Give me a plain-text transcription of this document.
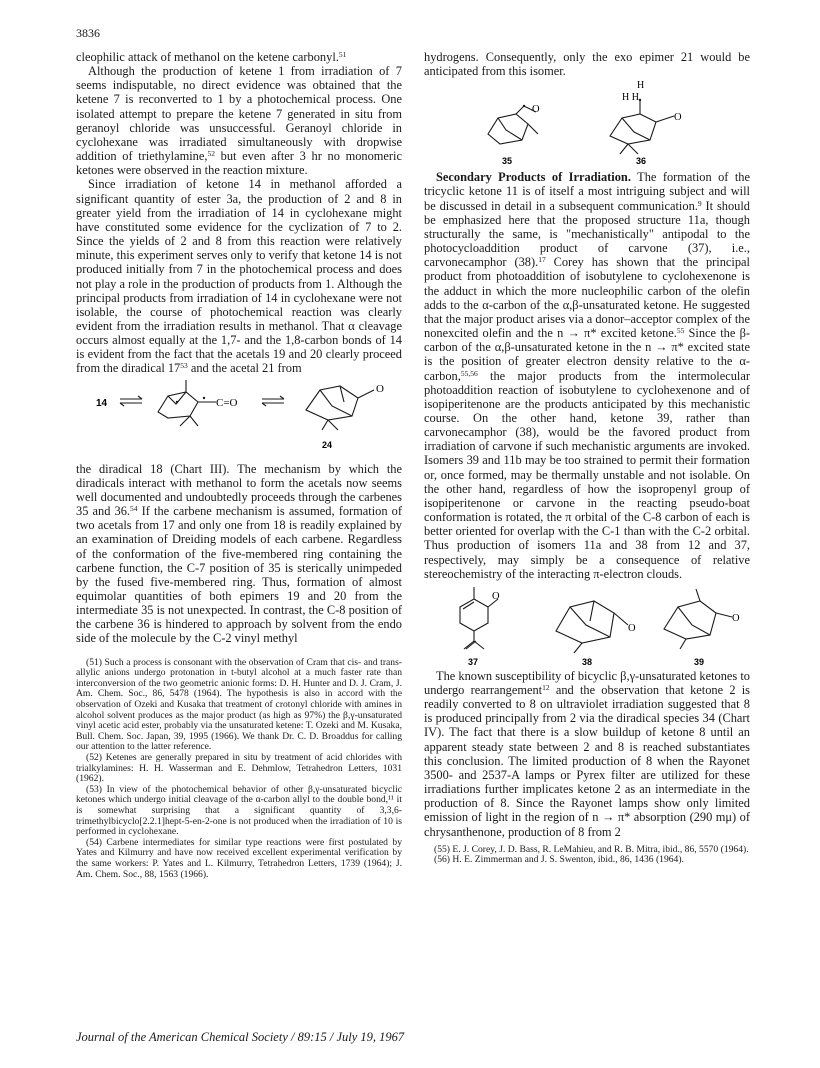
3836

cleophilic attack of methanol on the ketene carbonyl.$^{51}$

Although the production of ketene 1 from irradiation of 7 seems indisputable, no direct evidence was obtained that the ketene 7 is reconverted to 1 by a photochemical process. One isolated attempt to prepare the ketene 7 generated in situ from geranoyl chloride was unsuccessful. Geranoyl chloride in cyclohexane was irradiated simultaneously with dropwise addition of triethylamine,$^{52}$ but even after 3 hr no monomeric ketones were observed in the reaction mixture.

Since irradiation of ketone 14 in methanol afforded a significant quantity of ester 3a, the production of 2 and 8 in greater yield from the irradiation of 14 in cyclohexane might have constituted some evidence for the cyclization of 7 to 2. Since the yields of 2 and 8 from this reaction were relatively minute, this experiment serves only to verify that ketone 14 is not produced initially from 7 in the photochemical process and does not play a role in the production of products from 1. Although the principal products from irradiation of 14 in cyclohexane were not isolable, the course of photochemical reaction was clearly evident from the irradiation results in methanol. That α cleavage occurs almost equally at the 1,7- and the 1,8-carbon bonds of 14 is evident from the fact that the acetals 19 and 20 clearly proceed from the diradical $17^{53}$ and the acetal 21 from

14	C=O
O
24

the diradical 18 (Chart III). The mechanism by which the diradicals interact with methanol to form the acetals now seems well documented and undoubtedly proceeds through the carbenes 35 and 36.54 If the carbene mechanism is assumed, formation of two acetals from 17 and only one from 18 is readily explained by an examination of Dreiding models of each carbene. Regardless of the conformation of the five-membered ring containing the carbene function, the C-7 position of 35 is sterically unimpeded by the fused five-membered ring. Thus, formation of almost equimolar quantities of both epimers 19 and 20 from the intermediate 35 is not unexpected. In contrast, the C-8 position of the carbene 36 is hindered to approach by solvent from the endo side of the molecule by the C-2 vinyl methyl

(51) Such a process is consonant with the observation of Cram that cis- and trans-allylic anions undergo protonation in t-butyl alcohol at a much faster rate than interconversion of the two geometric anionic forms: D. H. Hunter and D. J. Cram, J. Am. Chem. Soc., 86, 5478 (1964). The hypothesis is also in accord with the observation of Ozeki and Kusaka that treatment of crotonyl chloride with amines in alcohol solvent produces as the major product (as high as 97%) the β,γ-unsaturated vinyl acetic acid ester, probably via the unsaturated ketene: T. Ozeki and M. Kusaka, Bull. Chem. Soc. Japan, 39, 1995 (1966). We thank Dr. C. D. Broaddus for calling our attention to the latter reference.

(52) Ketenes are generally prepared in situ by treatment of acid chlorides with trialkylamines: H. H. Wasserman and E. Dehmlow, Tetrahedron Letters, 1031 (1962).

(53) In view of the photochemical behavior of other β,γ-unsaturated bicyclic ketones which undergo initial cleavage of the α-carbon allyl to the double bond,¹¹ it is somewhat surprising that a significant quantity of 3,3,6-trimethylbicyclo[2.2.1]hept-5-en-2-one is not produced when the irradiation of 10 is performed in cyclohexane.

(54) Carbene intermediates for similar type reactions were first postulated by Yates and Kilmurry and have now received excellent experimental verification by the same workers: P. Yates and L. Kilmurry, Tetrahedron Letters, 1739 (1964); J. Am. Chem. Soc., 88, 1563 (1966).

hydrogens. Consequently, only the exo epimer 21 would be anticipated from this isomer.

O
O
H
H H
35	36

Secondary Products of Irradiation. The formation of the tricyclic ketone 11 is of itself a most intriguing subject and will be discussed in detail in a subsequent communication.$^9$ It should be emphasized here that the proposed structure 11a, though structurally the same, is "mechanistically" antipodal to the photocycloaddition product of carvone (37), i.e., carvonecamphor (38).$^{17}$ Corey has shown that the principal product from photoaddition of isobutylene to cyclohexenone is the adduct in which the more nucleophilic carbon of the olefin adds to the α-carbon of the α,β-unsaturated ketone. He suggested that the major product arises via a donor–acceptor complex of the nonexcited olefin and the n → π* excited ketone.$^{55}$ Since the β-carbon of the α,β-unsaturated ketone in the n → π* excited state is the position of greater electron density relative to the α-carbon,$^{55,56}$ the major products from the intermolecular photoaddition reaction of isobutylene to cyclohexenone and of isopiperitenone are the products anticipated by this mechanistic course. On the other hand, ketone 39, rather than carvonecamphor (38), would be the favored product from irradiation of carvone if such mechanistic arguments are invoked. Isomers 39 and 11b may be too strained to permit their formation or, once formed, may be thermally unstable and not isolable. On the other hand, regardless of how the isopropenyl group of isopiperitenone or carvone in the reacting pseudo-boat conformation is rotated, the π orbital of the C-8 carbon of each is better oriented for overlap with the C-1 than with the C-2 orbital. Thus production of isomers 11a and 38 from 12 and 37, respectively, may simply be a consequence of relative stereochemistry of the interacting π-electron clouds.

O
O
O
37	38	39

The known susceptibility of bicyclic β,γ-unsaturated ketones to undergo rearrangement$^{12}$ and the observation that ketone 2 is readily converted to 8 on ultraviolet irradiation suggested that 8 is produced principally from 2 via the diradical species 34 (Chart IV). The fact that there is a slow buildup of ketone 8 until an apparent steady state between 2 and 8 is reached substantiates this conclusion. The limited production of 8 when the Rayonet 3500- and 2537-A lamps or Pyrex filter are utilized for these irradiations further implicates ketone 2 as an intermediate in the production of 8. Since the Rayonet lamps show only limited emission of light in the region of n → π* absorption (290 mμ) of chrysanthenone, production of 8 from 2

(55) E. J. Corey, J. D. Bass, R. LeMahieu, and R. B. Mitra, ibid., 86, 5570 (1964).

(56) H. E. Zimmerman and J. S. Swenton, ibid., 86, 1436 (1964).

Journal of the American Chemical Society / 89:15 / July 19, 1967
